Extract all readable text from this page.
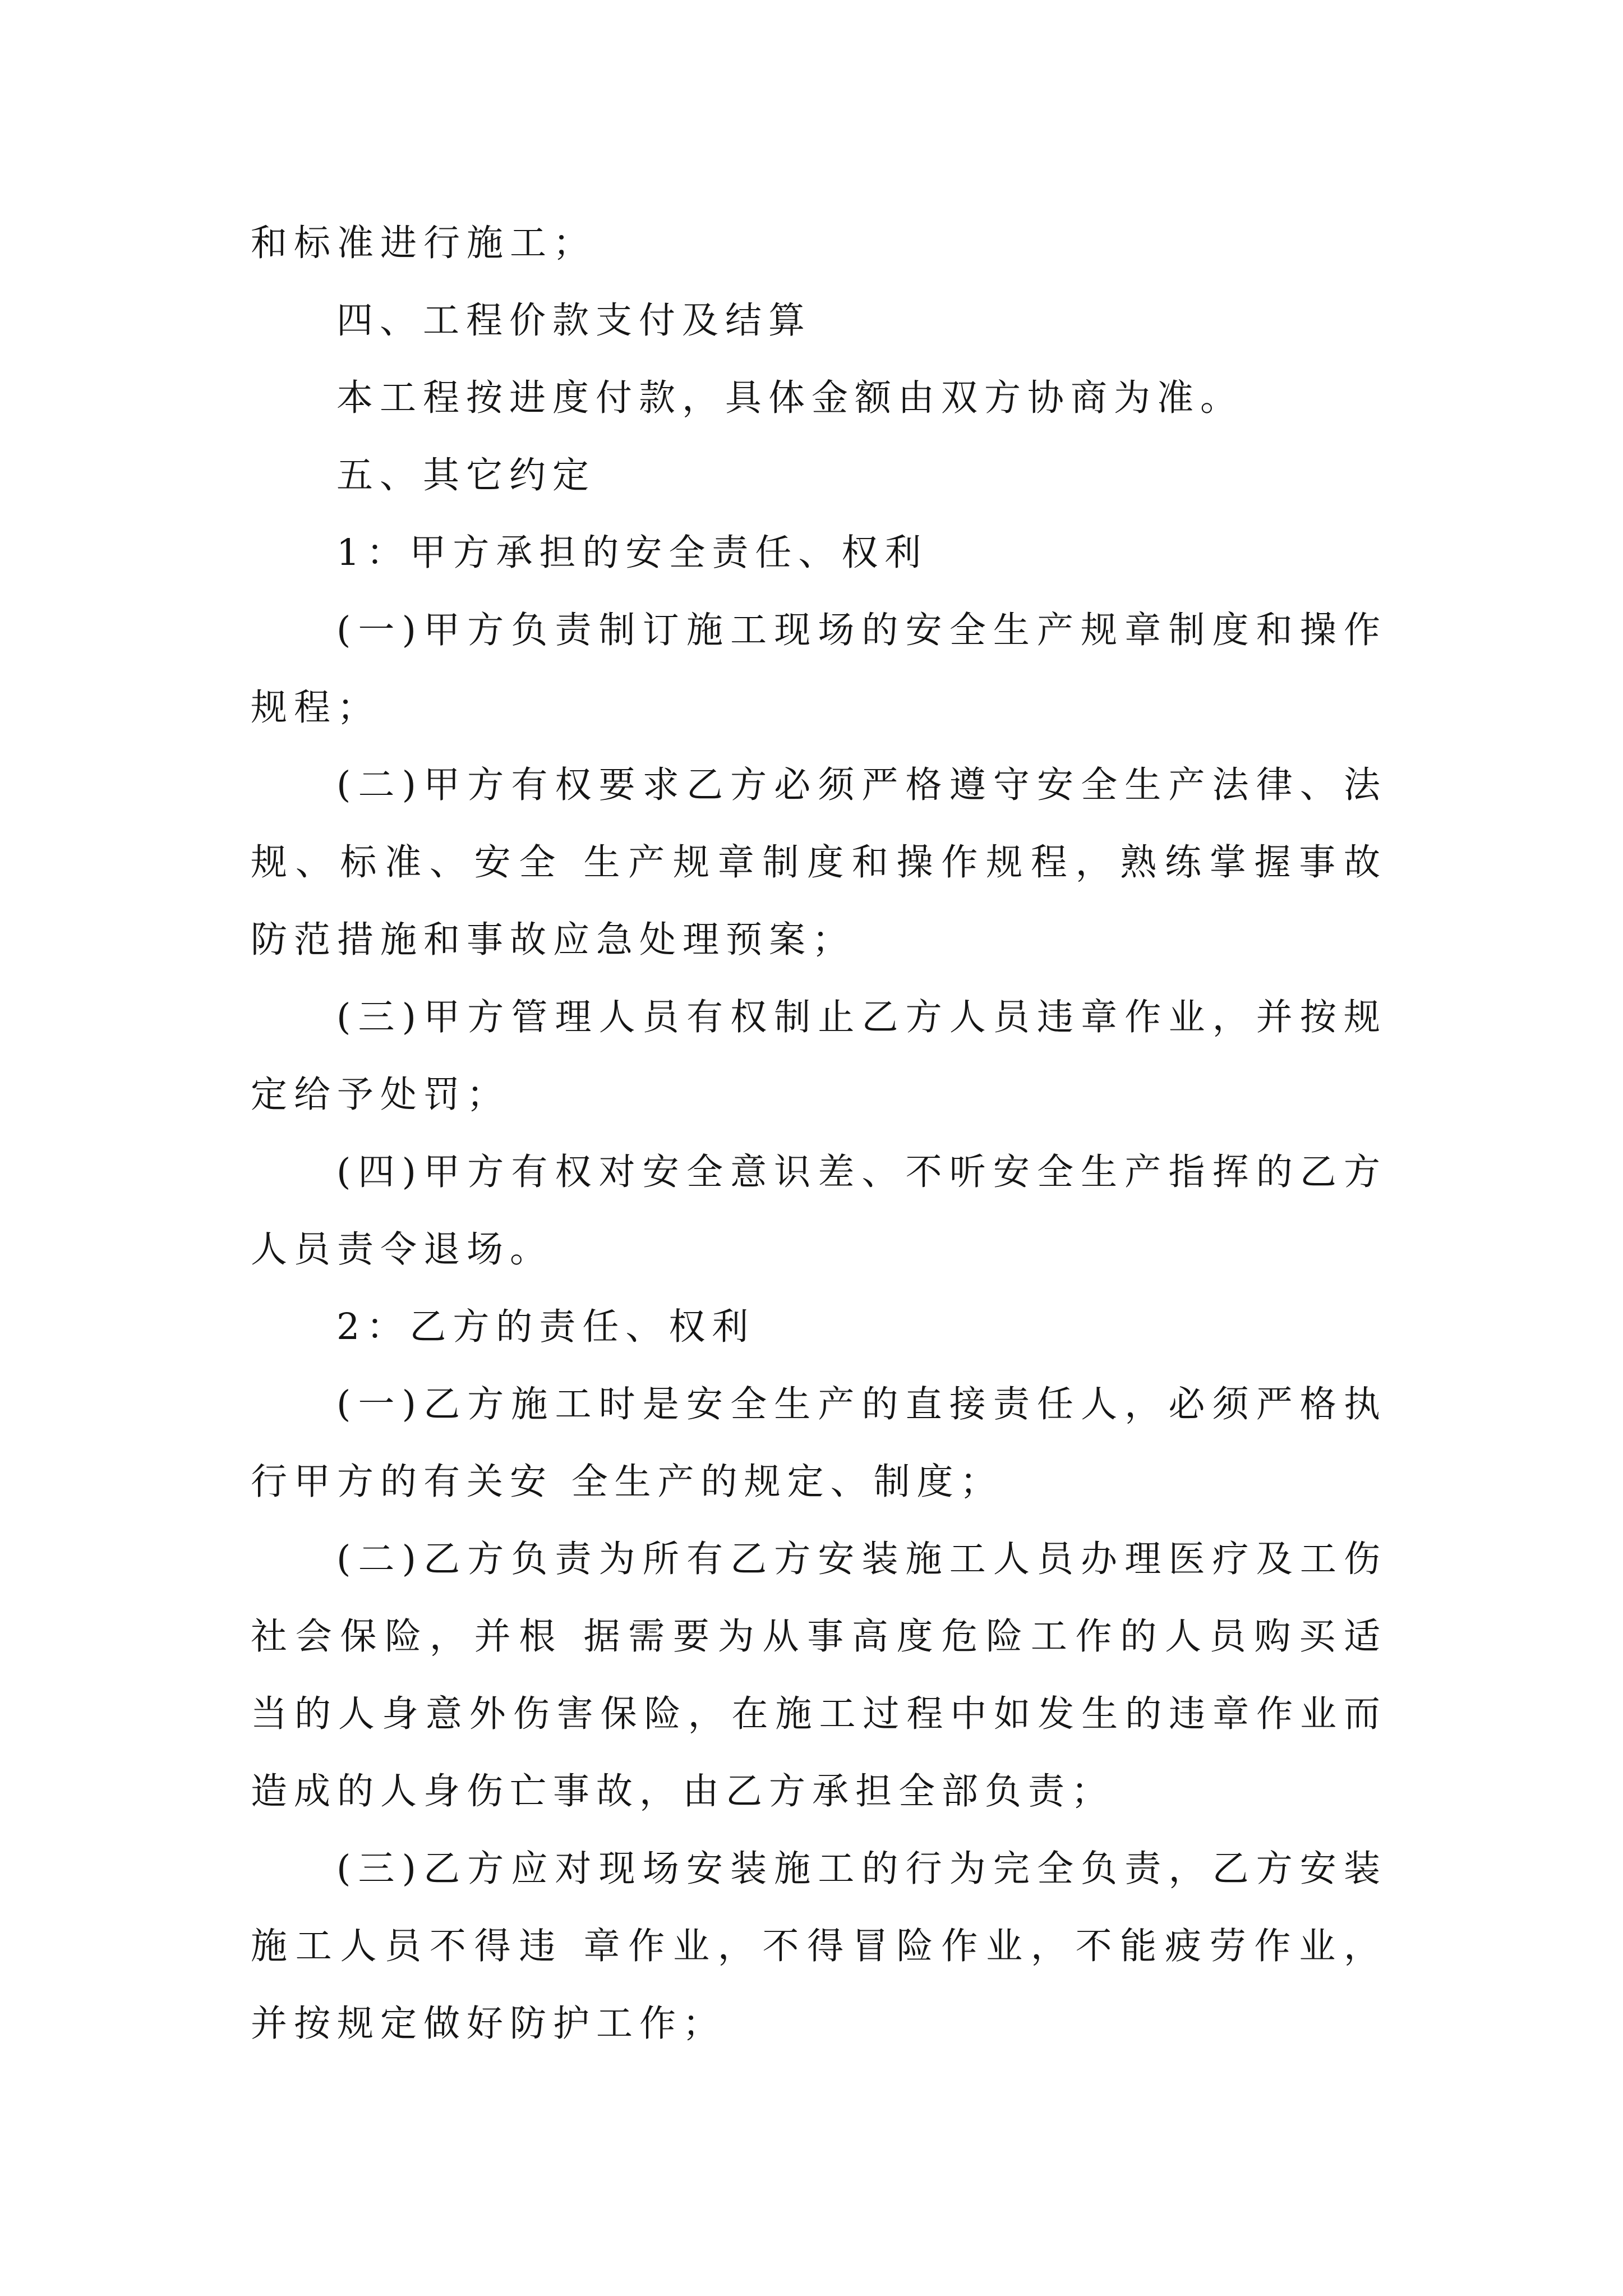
和标准进行施工；
四、工程价款支付及结算
本工程按进度付款，具体金额由双方协商为准。
五、其它约定
1：甲方承担的安全责任、权利
(一)甲方负责制订施工现场的安全生产规章制度和操作
规程；
(二)甲方有权要求乙方必须严格遵守安全生产法律、法
规、标准、安全 生产规章制度和操作规程，熟练掌握事故
防范措施和事故应急处理预案；
(三)甲方管理人员有权制止乙方人员违章作业，并按规
定给予处罚；
(四)甲方有权对安全意识差、不听安全生产指挥的乙方
人员责令退场。
2：乙方的责任、权利
(一)乙方施工时是安全生产的直接责任人，必须严格执
行甲方的有关安 全生产的规定、制度；
(二)乙方负责为所有乙方安装施工人员办理医疗及工伤
社会保险，并根 据需要为从事高度危险工作的人员购买适
当的人身意外伤害保险，在施工过程中如发生的违章作业而
造成的人身伤亡事故，由乙方承担全部负责；
(三)乙方应对现场安装施工的行为完全负责，乙方安装
施工人员不得违 章作业，不得冒险作业，不能疲劳作业，
并按规定做好防护工作；
